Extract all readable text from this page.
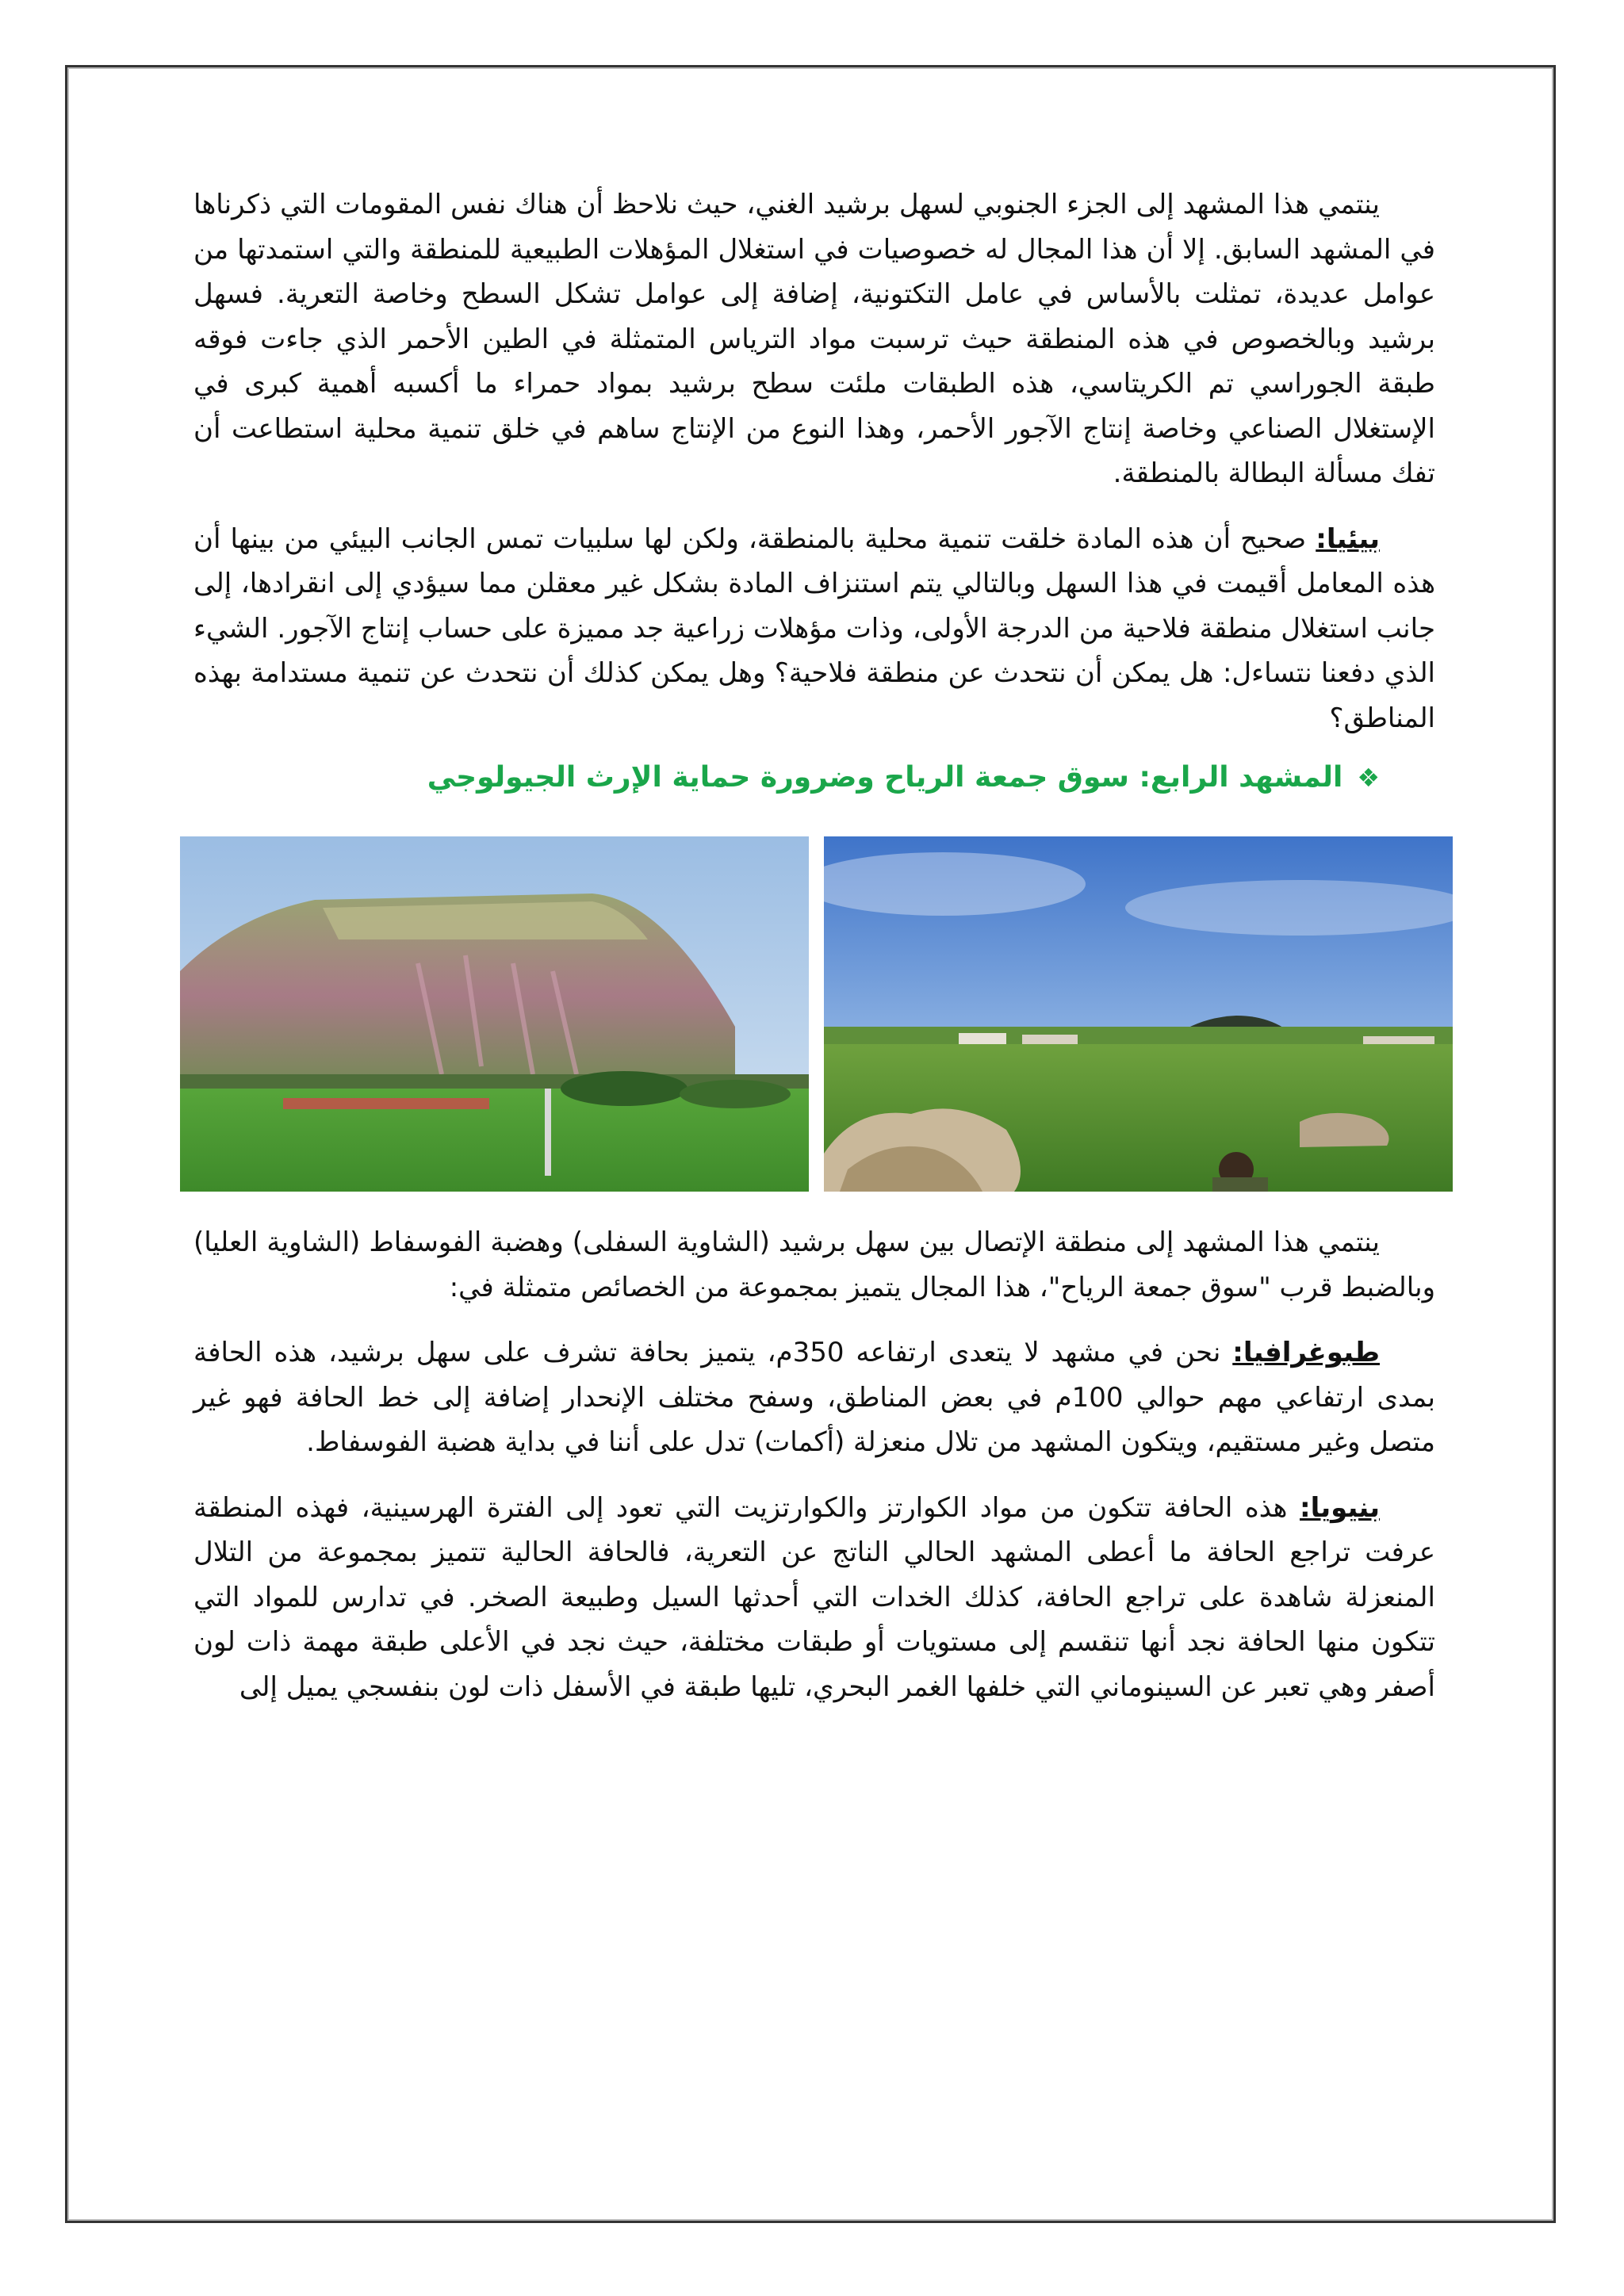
ينتمي هذا المشهد إلى الجزء الجنوبي لسهل برشيد الغني، حيث نلاحظ أن هناك نفس المقومات التي ذكرناها في المشهد السابق. إلا أن هذا المجال له خصوصيات في استغلال المؤهلات الطبيعية للمنطقة والتي استمدتها من عوامل عديدة، تمثلت بالأساس في عامل التكتونية، إضافة إلى عوامل تشكل السطح وخاصة التعرية. فسهل برشيد وبالخصوص في هذه المنطقة حيث ترسبت مواد الترياس المتمثلة في الطين الأحمر الذي جاءت فوقه طبقة الجوراسي تم الكريتاسي، هذه الطبقات ملئت سطح برشيد بمواد حمراء ما أكسبه أهمية كبرى في الإستغلال الصناعي وخاصة إنتاج الآجور الأحمر، وهذا النوع من الإنتاج ساهم في خلق تنمية محلية استطاعت أن تفك مسألة البطالة بالمنطقة.

بيئيا: صحيح أن هذه المادة خلقت تنمية محلية بالمنطقة، ولكن لها سلبيات تمس الجانب البيئي من بينها أن هذه المعامل أقيمت في هذا السهل وبالتالي يتم استنزاف المادة بشكل غير معقلن مما سيؤدي إلى انقرادها، إلى جانب استغلال منطقة فلاحية من الدرجة الأولى، وذات مؤهلات زراعية جد مميزة على حساب إنتاج الآجور. الشيء الذي دفعنا نتساءل: هل يمكن أن نتحدث عن منطقة فلاحية؟ وهل يمكن كذلك أن نتحدث عن تنمية مستدامة بهذه المناطق؟

❖
المشهد الرابع: سوق جمعة الرياح وضرورة حماية الإرث الجيولوجي

ينتمي هذا المشهد إلى منطقة الإتصال بين سهل برشيد (الشاوية السفلى) وهضبة الفوسفاط (الشاوية العليا) وبالضبط قرب "سوق جمعة الرياح"، هذا المجال يتميز بمجموعة من الخصائص متمثلة في:

طبوغرافيا: نحن في مشهد لا يتعدى ارتفاعه 350م، يتميز بحافة تشرف على سهل برشيد، هذه الحافة بمدى ارتفاعي مهم حوالي 100م في بعض المناطق، وسفح مختلف الإنحدار إضافة إلى خط الحافة فهو غير متصل وغير مستقيم، ويتكون المشهد من تلال منعزلة (أكمات) تدل على أننا في بداية هضبة الفوسفاط.

بنيويا: هذه الحافة تتكون من مواد الكوارتز والكوارتزيت التي تعود إلى الفترة الهرسينية، فهذه المنطقة عرفت تراجع الحافة ما أعطى المشهد الحالي الناتج عن التعرية، فالحافة الحالية تتميز بمجموعة من التلال المنعزلة شاهدة على تراجع الحافة، كذلك الخدات التي أحدثها السيل وطبيعة الصخر. في تدارس للمواد التي تتكون منها الحافة نجد أنها تنقسم إلى مستويات أو طبقات مختلفة، حيث نجد في الأعلى طبقة مهمة ذات لون أصفر وهي تعبر عن السينوماني التي خلفها الغمر البحري، تليها طبقة في الأسفل ذات لون بنفسجي يميل إلى
